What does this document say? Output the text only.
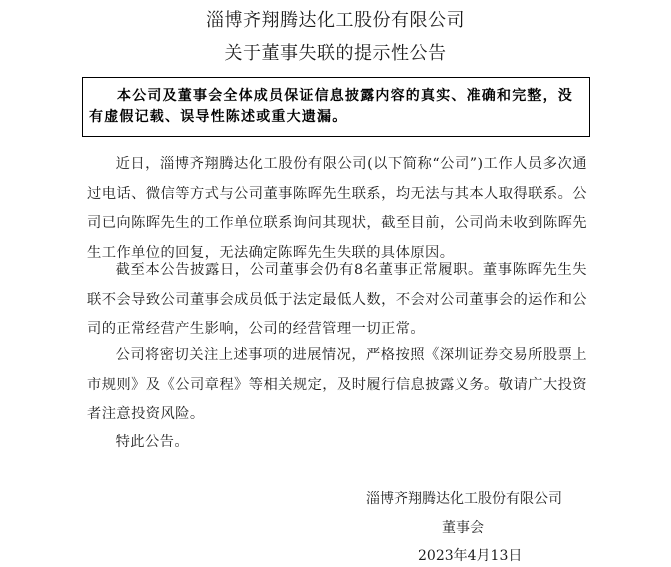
淄博齐翔腾达化工股份有限公司
关于董事失联的提示性公告
本公司及董事会全体成员保证信息披露内容的真实、准确和完整，没有虚假记载、误导性陈述或重大遗漏。

近日，淄博齐翔腾达化工股份有限公司(以下简称“公司”)工作人员多次通过电话、微信等方式与公司董事陈晖先生联系，均无法与其本人取得联系。公司已向陈晖先生的工作单位联系询问其现状，截至目前，公司尚未收到陈晖先生工作单位的回复，无法确定陈晖先生失联的具体原因。

截至本公告披露日，公司董事会仍有8名董事正常履职。董事陈晖先生失联不会导致公司董事会成员低于法定最低人数，不会对公司董事会的运作和公司的正常经营产生影响，公司的经营管理一切正常。

公司将密切关注上述事项的进展情况，严格按照《深圳证券交易所股票上市规则》及《公司章程》等相关规定，及时履行信息披露义务。敬请广大投资者注意投资风险。

特此公告。

淄博齐翔腾达化工股份有限公司
董事会
2023年4月13日
